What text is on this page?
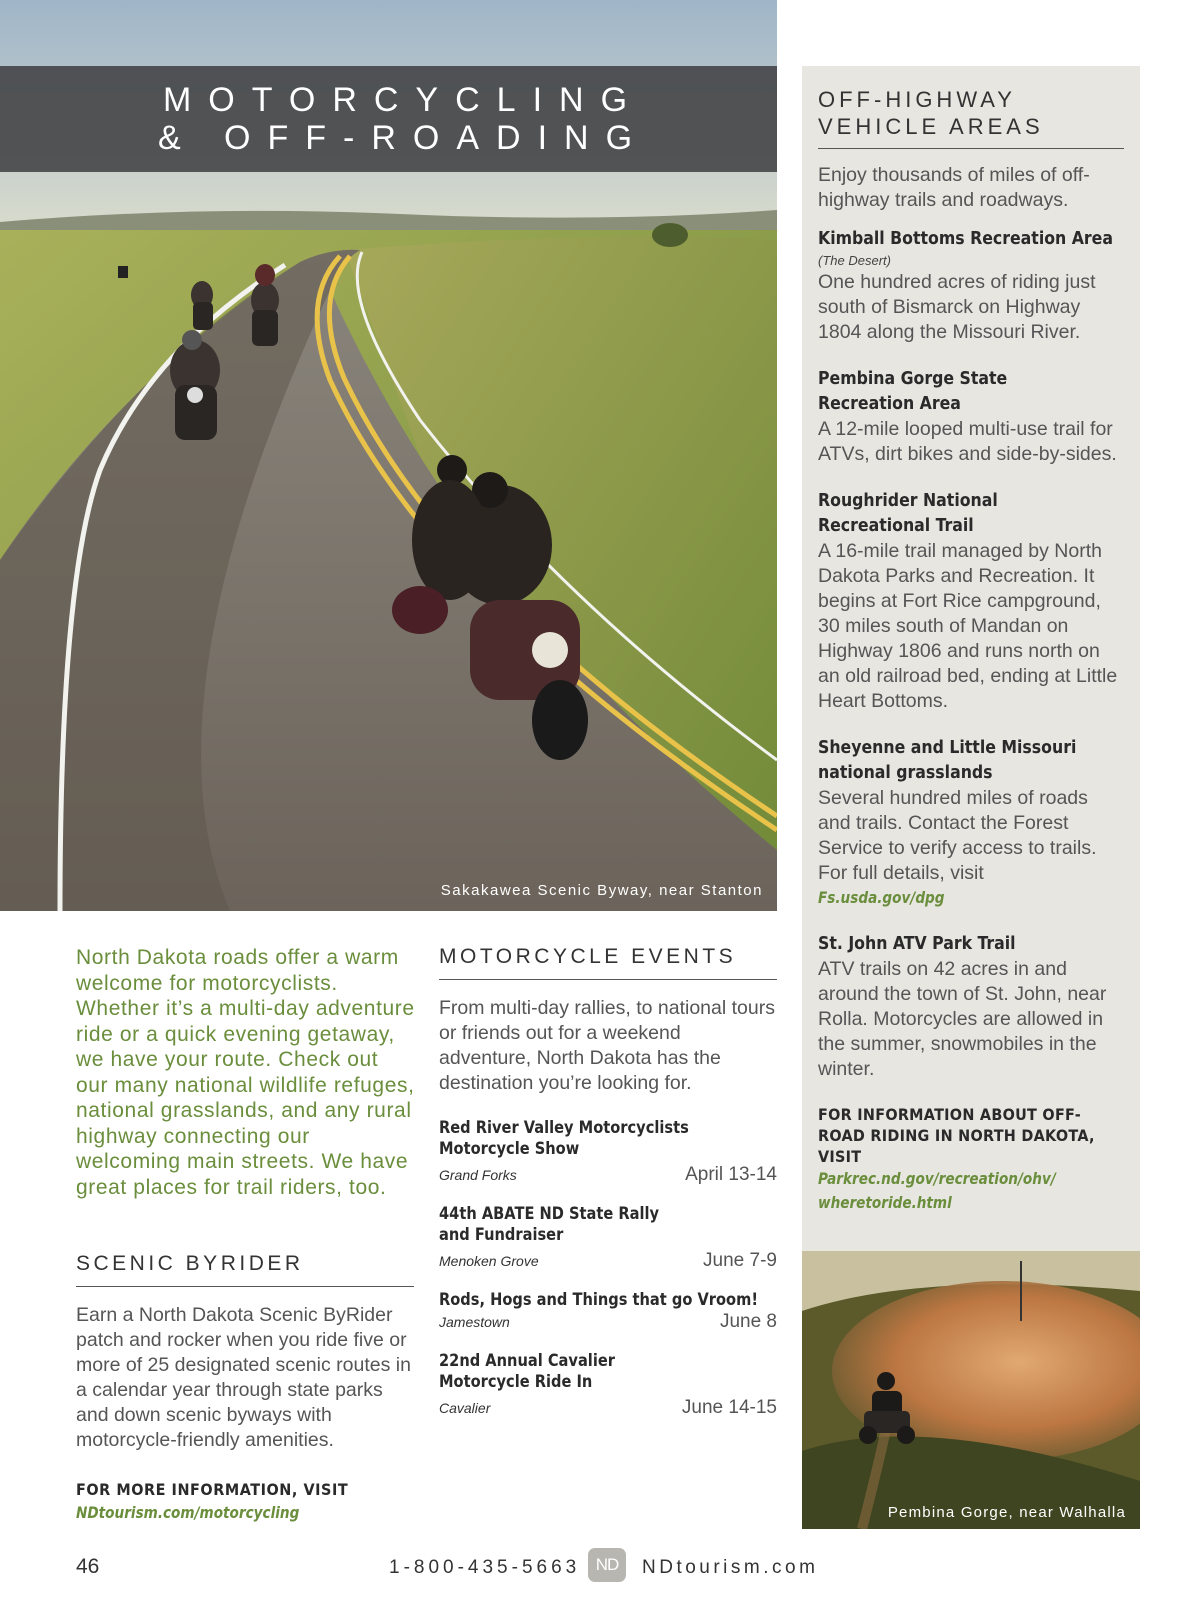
MOTORCYCLING
& OFF-ROADING
Sakakawea Scenic Byway, near Stanton
OFF-HIGHWAY VEHICLE AREAS
Enjoy thousands of miles of off-highway trails and roadways.
Kimball Bottoms Recreation Area
(The Desert)
One hundred acres of riding just south of Bismarck on Highway 1804 along the Missouri River.
Pembina Gorge State Recreation Area
A 12-mile looped multi-use trail for ATVs, dirt bikes and side-by-sides.
Roughrider National Recreational Trail
A 16-mile trail managed by North Dakota Parks and Recreation. It begins at Fort Rice campground, 30 miles south of Mandan on Highway 1806 and runs north on an old railroad bed, ending at Little Heart Bottoms.
Sheyenne and Little Missouri national grasslands
Several hundred miles of roads and trails. Contact the Forest Service to verify access to trails. For full details, visit
Fs.usda.gov/dpg
St. John ATV Park Trail
ATV trails on 42 acres in and around the town of St. John, near Rolla. Motorcycles are allowed in the summer, snowmobiles in the winter.
FOR INFORMATION ABOUT OFF-ROAD RIDING IN NORTH DAKOTA, VISIT
Parkrec.nd.gov/recreation/ohv/
wheretoride.html
Pembina Gorge, near Walhalla
North Dakota roads offer a warm welcome for motorcyclists. Whether it’s a multi-day adventure ride or a quick evening getaway, we have your route. Check out our many national wildlife refuges, national grasslands, and any rural highway connecting our welcoming main streets. We have great places for trail riders, too.
SCENIC BYRIDER
Earn a North Dakota Scenic ByRider patch and rocker when you ride five or more of 25 designated scenic routes in a calendar year through state parks and down scenic byways with motorcycle-friendly amenities.
FOR MORE INFORMATION, VISIT
NDtourism.com/motorcycling
MOTORCYCLE EVENTS
From multi-day rallies, to national tours or friends out for a weekend adventure, North Dakota has the destination you’re looking for.
Red River Valley Motorcyclists Motorcycle Show
Grand Forks	April 13-14
44th ABATE ND State Rally and Fundraiser
Menoken Grove	June 7-9
Rods, Hogs and Things that go Vroom!
Jamestown	June 8
22nd Annual Cavalier Motorcycle Ride In
Cavalier	June 14-15
46	1-800-435-5663 ND	NDtourism.com
